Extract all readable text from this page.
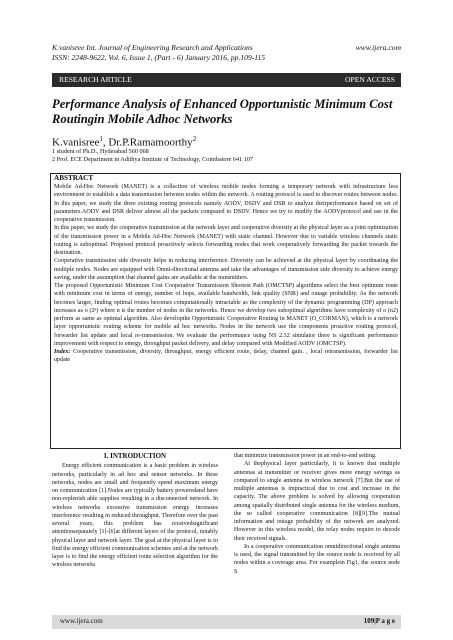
K.vanisree Int. Journal of Engineering Research and Applications
ISSN: 2248-9622, Vol. 6, Issue 1, (Part - 6) January 2016, pp.109-115
www.ijera.com
RESEARCH ARTICLE	OPEN ACCESS
Performance Analysis of Enhanced Opportunistic Minimum Cost Routingin Mobile Adhoc Networks
K.vanisree$^1$, Dr.P.Ramamoorthy$^2$
1 student of Ph.D., Hyderabad 560 068
2 Prof. ECE Department in Adithya Institute of Technology, Coimbatore 641 107
ABSTRACT

Mobile Ad-Hoc Network (MANET) is a collection of wireless mobile nodes forming a temporary network with infrastructure less environment to establish a data transmission between nodes within the network. A routing protocol is used to discover routes between nodes. In this paper, we study the three existing routing protocols namely AODV, DSDV and DSR to analyze theirperformance based on set of parameters.AODV and DSR deliver almost all the packets compared to DSDV. Hence we try to modify the AODVprotocol and use in the cooperative transmission.

In this paper, we study the cooperative transmission at the network layer and cooperative diversity at the physical layer as a joint optimization of the transmission power in a Mobile Ad-Hoc Network (MANET) with static channel. However due to variable wireless channels static routing is suboptimal. Proposed protocol proactively selects forwarding nodes that work cooperatively forwarding the packet towards the destination.

Cooperative transmission side diversity helps in reducing interference. Diversity can be achieved at the physical layer by coordinating the multiple nodes. Nodes are equipped with Omni-directional antenna and take the advantages of transmission side diversity to achieve energy saving, under the assumption that channel gains are available at the transmitters.

The proposed Opportunistic Minimum Cost Cooperative Transmission Shortest Path (OMCTSP) algorithms select the best optimum route with minimum cost in terms of energy, number of hops, available bandwidth, link quality (SNR) and outage probability. As the network becomes larger, finding optimal routes becomes computationally intractable as the complexity of the dynamic programming (DP) approach increases as o (2ⁿ) where n is the number of nodes in the networks. Hence we develop two suboptimal algorithms have complexity of o (n2) perform as same as optimal algorithm. Also developthe Opportunistic Cooperative Routing in MANET (O_CORMAN), which is a network layer opportunistic routing scheme for mobile ad hoc networks. Nodes in the network use the components proactive routing protocol, forwarder list update and local re-transmission. We evaluate the performance using NS 2.32 simulator there is significant performance improvement with respect to energy, throughput packet delivery, and delay compared with Modified AODV (OMCTSP).

Index: Cooperative transmission, diversity, throughput, energy efficient route, delay, channel gain. , local retransmission, forwarder list update

I. INTRODUCTION

Energy efficient communication is a basic problem in wireless networks, particularly in ad hoc and sensor networks. In these networks, nodes are small and frequently spend maximum energy on communication [1].Nodes are typically battery poweredand have non-replenish able supplies resulting in a disconnected network. In wireless networks excessive transmission energy increases interference resulting in reduced throughput. Therefore over the past several years, this problem has receivedsignificant attentionseparately [1]-[6]at different layers of the protocol, notably physical layer and network layer. The goal at the physical layer is to find the energy efficient communication schemes and at the network layer is to find the energy efficient route selection algorithm for the wireless networks

that minimize transmission power in an end-to-end setting.

At thephysical layer particularly, it is known that multiple antennas at transmitter or receiver gives more energy savings as compared to single antenna in wireless network [7].But the use of multiple antennas is impractical due to cost and increase in the capacity. The above problem is solved by allowing cooperation among spatially distributed single antenna for the wireless medium, the so called cooperative communication [8][9].The mutual information and outage probability of the network are analyzed. However in this wireless model, the relay nodes require to decode their received signals.

In a cooperative communication omnidirectional single antenna is used, the signal transmitted by the source node is received by all nodes within a coverage area. For examplein Fig1, the source node S

www.ijera.com	109|P a g e
